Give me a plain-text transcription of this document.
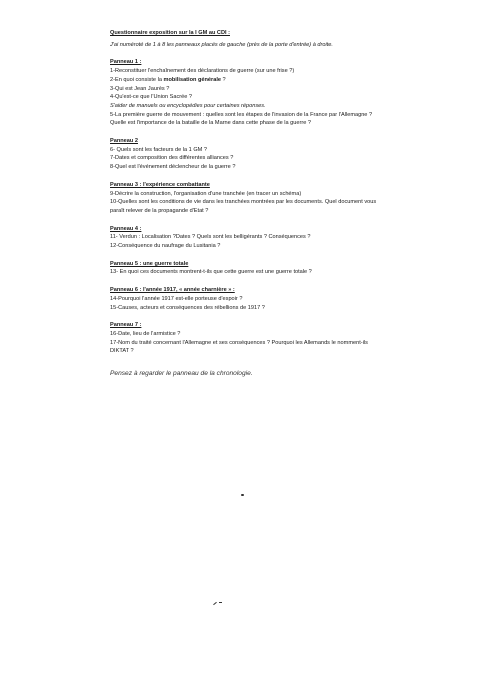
Questionnaire exposition sur la I GM au CDI :
J'ai numéroté de 1 à 8 les panneaux placés de gauche (près de la porte d'entrée) à droite.
Panneau 1 :
1-Reconstituer l'enchaînement des déclarations de guerre (sur une frise ?)
2-En quoi consiste la mobilisation générale ?
3-Qui est Jean Jaurès ?
4-Qu'est-ce que l'Union Sacrée ?
S'aider de manuels ou encyclopédies pour certaines réponses.
5-La première guerre de mouvement : quelles sont les étapes de l'invasion de la France par l'Allemagne ?
Quelle est l'importance de la bataille de la Marne dans cette phase de la guerre ?
Panneau 2
6- Quels sont les facteurs de la 1 GM ?
7-Dates et composition des différentes alliances ?
8-Quel est l'événement déclencheur de la guerre ?
Panneau 3 : l'expérience combattante
9-Décrire la construction, l'organisation d'une tranchée (en tracer un schéma)
10-Quelles sont les conditions de vie dans les tranchées montrées par les documents. Quel document vous
paraît relever de la propagande d'Etat ?
Panneau 4 :
11- Verdun : Localisation ?Dates ? Quels sont les belligérants ? Conséquences ?
12-Conséquence du naufrage du Lusitania ?
Panneau 5 : une guerre totale
13- En quoi ces documents montrent-t-ils que cette guerre est une guerre totale ?
Panneau 6 : l'année 1917, « année charnière » :
14-Pourquoi l'année 1917 est-elle porteuse d'espoir ?
15-Causes, acteurs et conséquences des rébellions de 1917 ?
Panneau 7 :
16-Date, lieu de l'armistice ?
17-Nom du traité concernant l'Allemagne et ses conséquences ? Pourquoi les Allemands le nomment-ils
DIKTAT ?
Pensez à regarder le panneau de la chronologie.
